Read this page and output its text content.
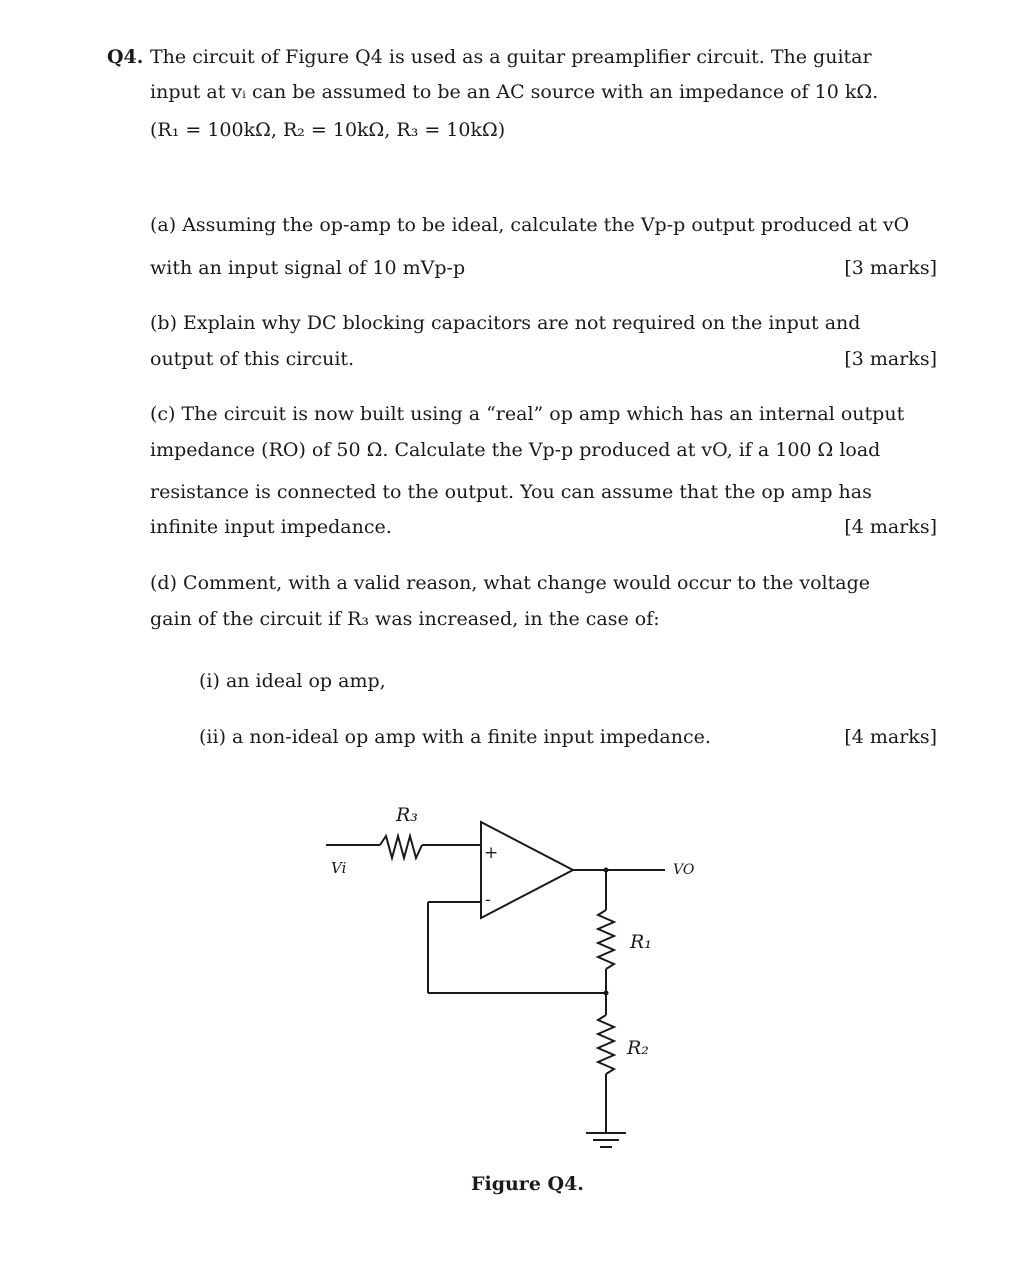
Q4. The circuit of Figure Q4 is used as a guitar preamplifier circuit. The guitar
input at vᵢ can be assumed to be an AC source with an impedance of 10 kΩ.
(R₁ = 100kΩ, R₂ = 10kΩ, R₃ = 10kΩ)
(a) Assuming the op-amp to be ideal, calculate the Vp-p output produced at vO
with an input signal of 10 mVp-p	[3 marks]
(b) Explain why DC blocking capacitors are not required on the input and
output of this circuit.	[3 marks]
(c) The circuit is now built using a “real” op amp which has an internal output
impedance (RO) of 50 Ω. Calculate the Vp-p produced at vO, if a 100 Ω load
resistance is connected to the output. You can assume that the op amp has
infinite input impedance.	[4 marks]
(d) Comment, with a valid reason, what change would occur to the voltage
gain of the circuit if R₃ was increased, in the case of:
(i) an ideal op amp,
(ii) a non-ideal op amp with a finite input impedance.	[4 marks]
R₃
Vi
+
-
VO
R₁
R₂
Figure Q4.
